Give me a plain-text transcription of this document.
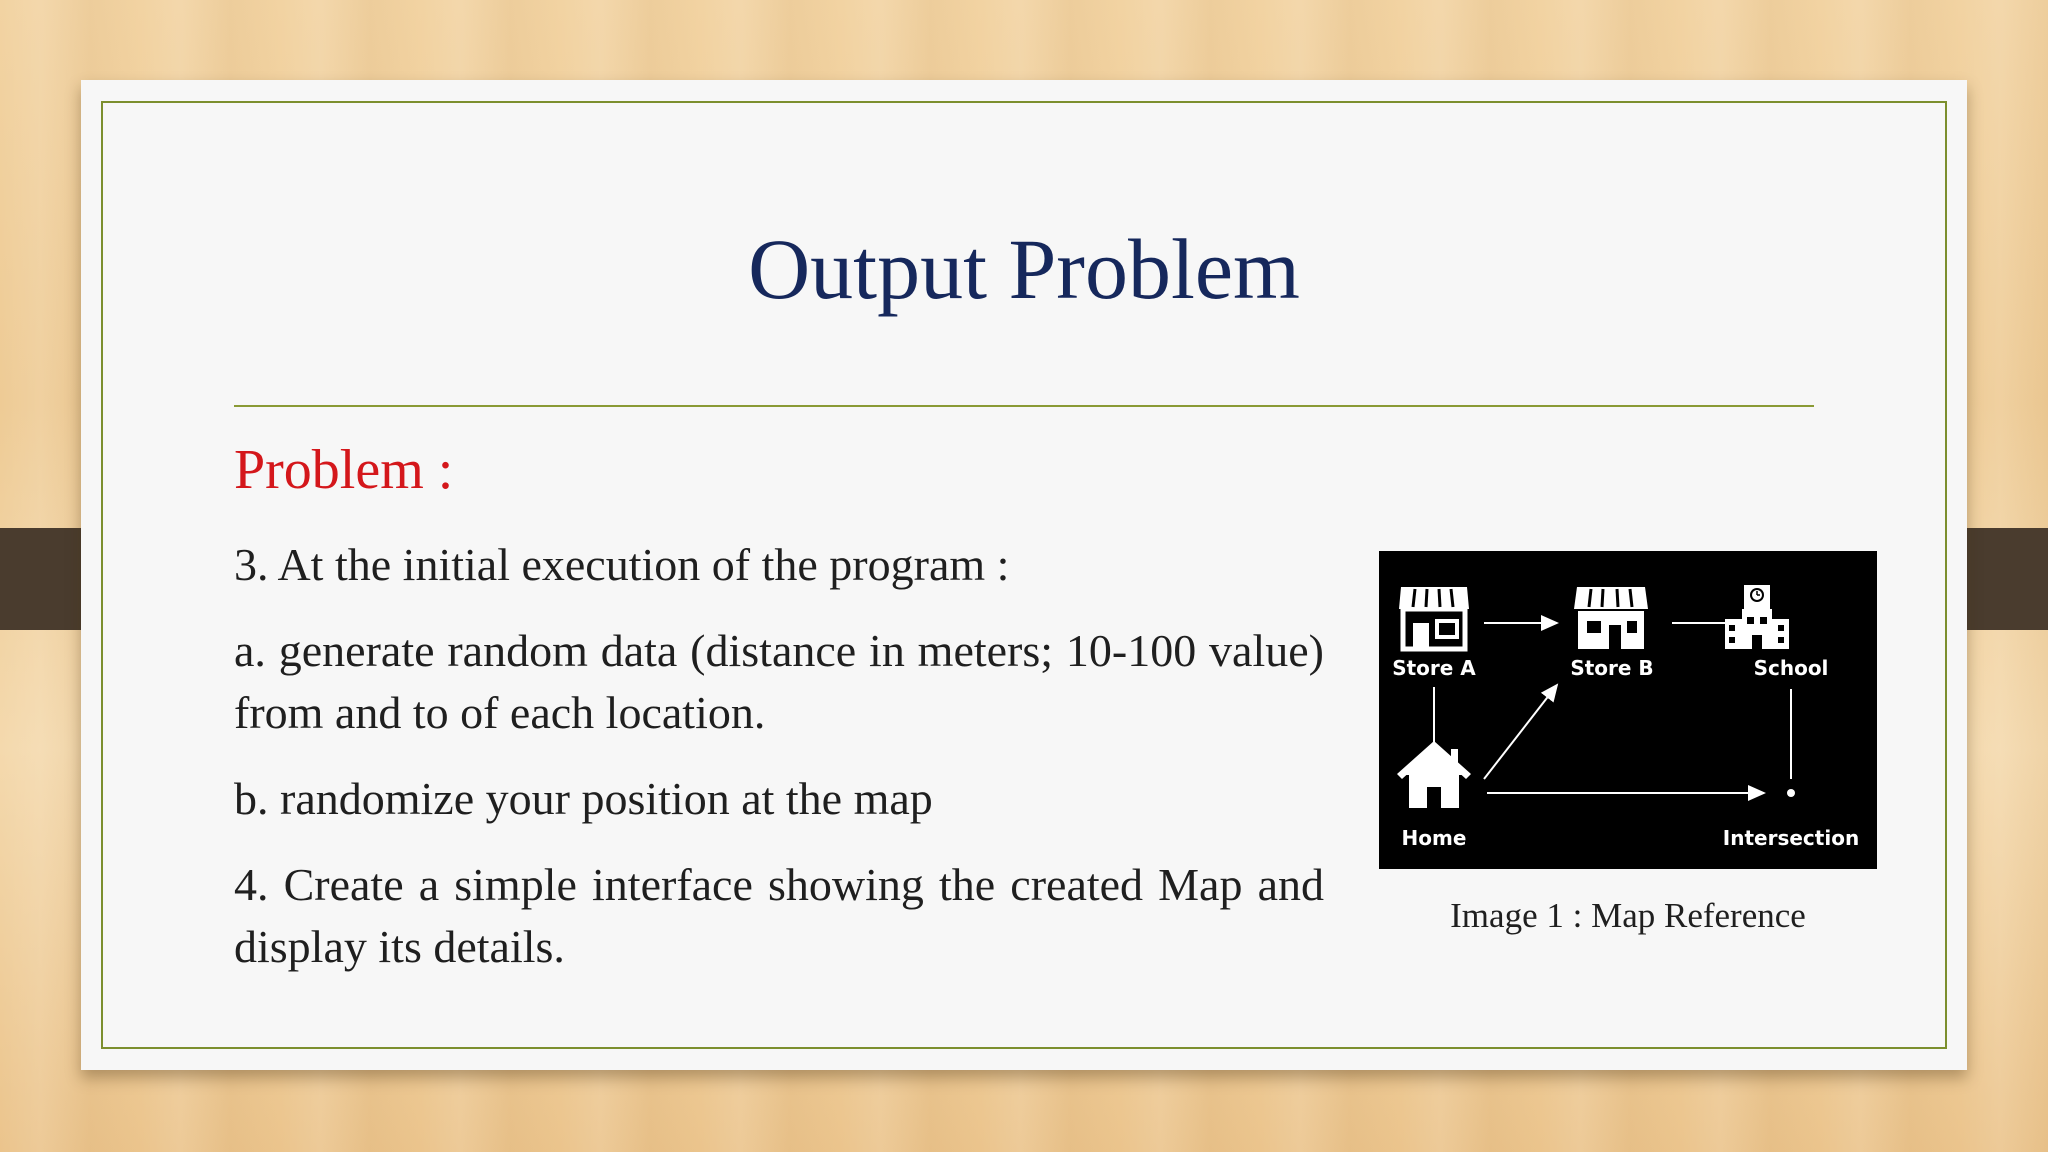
Output Problem
Problem :

3. At the initial execution of the program :

a. generate random data (distance in meters; 10-100 value) from and to of each location.

b. randomize your position at the map

4. Create a simple interface showing the created Map and display its details.

Store A	Store B	School
Home	Intersection
Image 1 : Map Reference
